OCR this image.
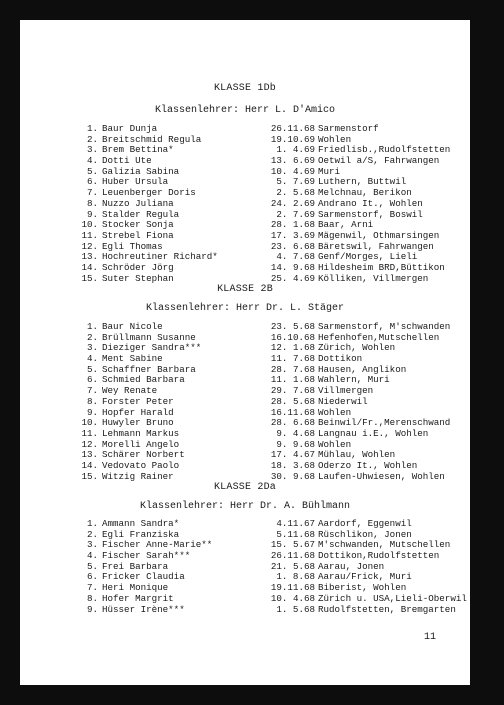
KLASSE 1Db
Klassenlehrer: Herr L. D'Amico
1. Baur Dunja	26.11.68 Sarmenstorf
2. Breitschmid Regula	19.10.69 Wohlen
3. Brem Bettina*	1. 4.69 Friedlisb.,Rudolfstetten
4. Dotti Ute	13. 6.69 Oetwil a/S, Fahrwangen
5. Galizia Sabina	10. 4.69 Muri
6. Huber Ursula	5. 7.69 Luthern, Buttwil
7. Leuenberger Doris	2. 5.68 Melchnau, Berikon
8. Nuzzo Juliana	24. 2.69 Andrano It., Wohlen
9. Stalder Regula	2. 7.69 Sarmenstorf, Boswil
10. Stocker Sonja	28. 1.68 Baar, Arni
11. Strebel Fiona	17. 3.69 Mägenwil, Othmarsingen
12. Egli Thomas	23. 6.68 Bäretswil, Fahrwangen
13. Hochreutiner Richard*	4. 7.68 Genf/Morges, Lieli
14. Schröder Jörg	14. 9.68 Hildesheim BRD,Büttikon
15. Suter Stephan	25. 4.69 Kölliken, Villmergen
KLASSE 2B
Klassenlehrer: Herr Dr. L. Stäger
1. Baur Nicole	23. 5.68 Sarmenstorf, M'schwanden
2. Brüllmann Susanne	16.10.68 Hefenhofen,Mutschellen
3. Dieziger Sandra***	12. 1.68 Zürich, Wohlen
4. Ment Sabine	11. 7.68 Dottikon
5. Schaffner Barbara	28. 7.68 Hausen, Anglikon
6. Schmied Barbara	11. 1.68 Wahlern, Muri
7. Wey Renate	29. 7.68 Villmergen
8. Forster Peter	28. 5.68 Niederwil
9. Hopfer Harald	16.11.68 Wohlen
10. Huwyler Bruno	28. 6.68 Beinwil/Fr.,Merenschwand
11. Lehmann Markus	9. 4.68 Langnau i.E., Wohlen
12. Morelli Angelo	9. 9.68 Wohlen
13. Schärer Norbert	17. 4.67 Mühlau, Wohlen
14. Vedovato Paolo	18. 3.68 Oderzo It., Wohlen
15. Witzig Rainer	30. 9.68 Laufen-Uhwiesen, Wohlen
KLASSE 2Da
Klassenlehrer: Herr Dr. A. Bühlmann
1. Ammann Sandra*	4.11.67 Aardorf, Eggenwil
2. Egli Franziska	5.11.68 Rüschlikon, Jonen
3. Fischer Anne-Marie**	15. 5.67 M'schwanden, Mutschellen
4. Fischer Sarah***	26.11.68 Dottikon,Rudolfstetten
5. Frei Barbara	21. 5.68 Aarau, Jonen
6. Fricker Claudia	1. 8.68 Aarau/Frick, Muri
7. Heri Monique	19.11.68 Biberist, Wohlen
8. Hofer Margrit	10. 4.68 Zürich u. USA,Lieli-Oberwil
9. Hüsser Irène***	1. 5.68 Rudolfstetten, Bremgarten
11
